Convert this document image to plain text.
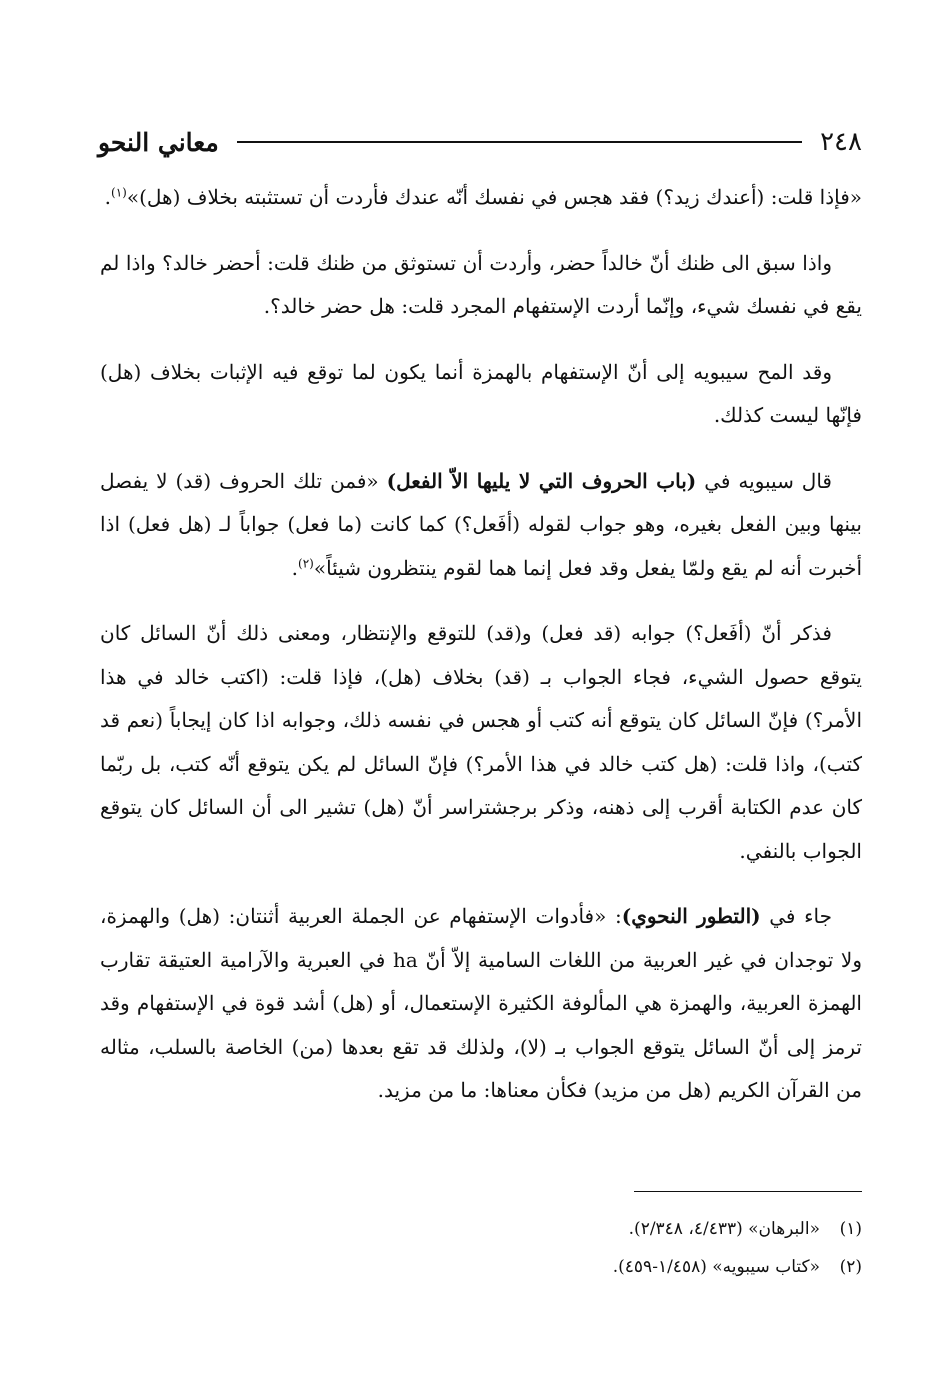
معاني النحو	٢٤٨

«فإذا قلت: (أعندك زيد؟) فقد هجس في نفسك أنّه عندك فأردت أن تستثبته بخلاف (هل)»$^{(١)}$.

واذا سبق الى ظنك أنّ خالداً حضر، وأردت أن تستوثق من ظنك قلت: أحضر خالد؟ واذا لم يقع في نفسك شيء، وإنّما أردت الإستفهام المجرد قلت: هل حضر خالد؟.

وقد المح سيبويه إلى أنّ الإستفهام بالهمزة أنما يكون لما توقع فيه الإثبات بخلاف (هل) فإنّها ليست كذلك.

قال سيبويه في (باب الحروف التي لا يليها الاّ الفعل) «فمن تلك الحروف (قد) لا يفصل بينها وبين الفعل بغيره، وهو جواب لقوله (أفَعل؟) كما كانت (ما فعل) جواباً لـ (هل فعل) اذا أخبرت أنه لم يقع ولمّا يفعل وقد فعل إنما هما لقوم ينتظرون شيئاً»$^{(٢)}$.

فذكر أنّ (أفَعل؟) جوابه (قد فعل) و(قد) للتوقع والإنتظار، ومعنى ذلك أنّ السائل كان يتوقع حصول الشيء، فجاء الجواب بـ (قد) بخلاف (هل)، فإذا قلت: (اكتب خالد في هذا الأمر؟) فإنّ السائل كان يتوقع أنه كتب أو هجس في نفسه ذلك، وجوابه اذا كان إيجاباً (نعم قد كتب)، واذا قلت: (هل كتب خالد في هذا الأمر؟) فإنّ السائل لم يكن يتوقع أنّه كتب، بل ربّما كان عدم الكتابة أقرب إلى ذهنه، وذكر برجشتراسر أنّ (هل) تشير الى أن السائل كان يتوقع الجواب بالنفي.

جاء في (التطور النحوي): «فأدوات الإستفهام عن الجملة العربية أثنتان: (هل) والهمزة، ولا توجدان في غير العربية من اللغات السامية إلاّ أنّ ha في العبرية والآرامية العتيقة تقارب الهمزة العربية، والهمزة هي المألوفة الكثيرة الإستعمال، أو (هل) أشد قوة في الإستفهام وقد ترمز إلى أنّ السائل يتوقع الجواب بـ (لا)، ولذلك قد تقع بعدها (من) الخاصة بالسلب، مثاله من القرآن الكريم (هل من مزيد) فكأن معناها: ما من مزيد.

(١)
«البرهان» (٤/٤٣٣، ٢/٣٤٨).
(٢)
«كتاب سيبويه» (١/٤٥٨-٤٥٩).
